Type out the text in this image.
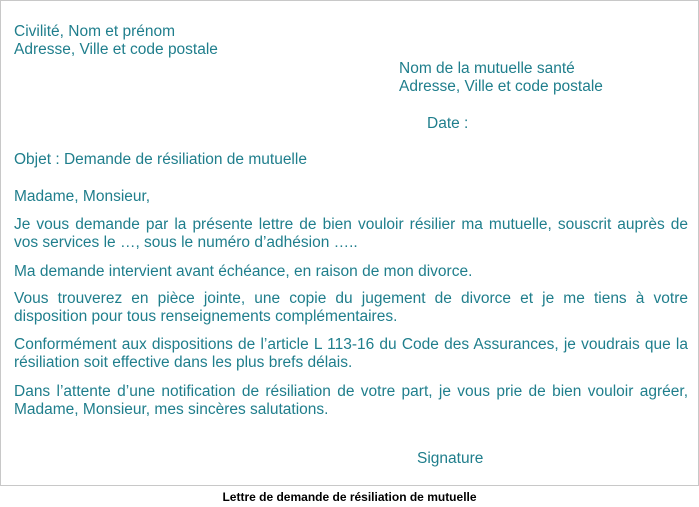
Civilité, Nom et prénom
Adresse, Ville et code postale
Nom de la mutuelle santé
Adresse, Ville et code postale
Date :
Objet : Demande de résiliation de mutuelle
Madame, Monsieur,
Je vous demande par la présente lettre de bien vouloir résilier ma mutuelle, souscrit auprès de vos services le …, sous le numéro d’adhésion …..
Ma demande intervient avant échéance, en raison de mon divorce.
Vous trouverez en pièce jointe, une copie du jugement de divorce et je me tiens à votre disposition pour tous renseignements complémentaires.
Conformément aux dispositions de l’article L 113-16 du Code des Assurances, je voudrais que la résiliation soit effective dans les plus brefs délais.
Dans l’attente d’une notification de résiliation de votre part, je vous prie de bien vouloir agréer, Madame, Monsieur, mes sincères salutations.
Signature
Lettre de demande de résiliation de mutuelle
